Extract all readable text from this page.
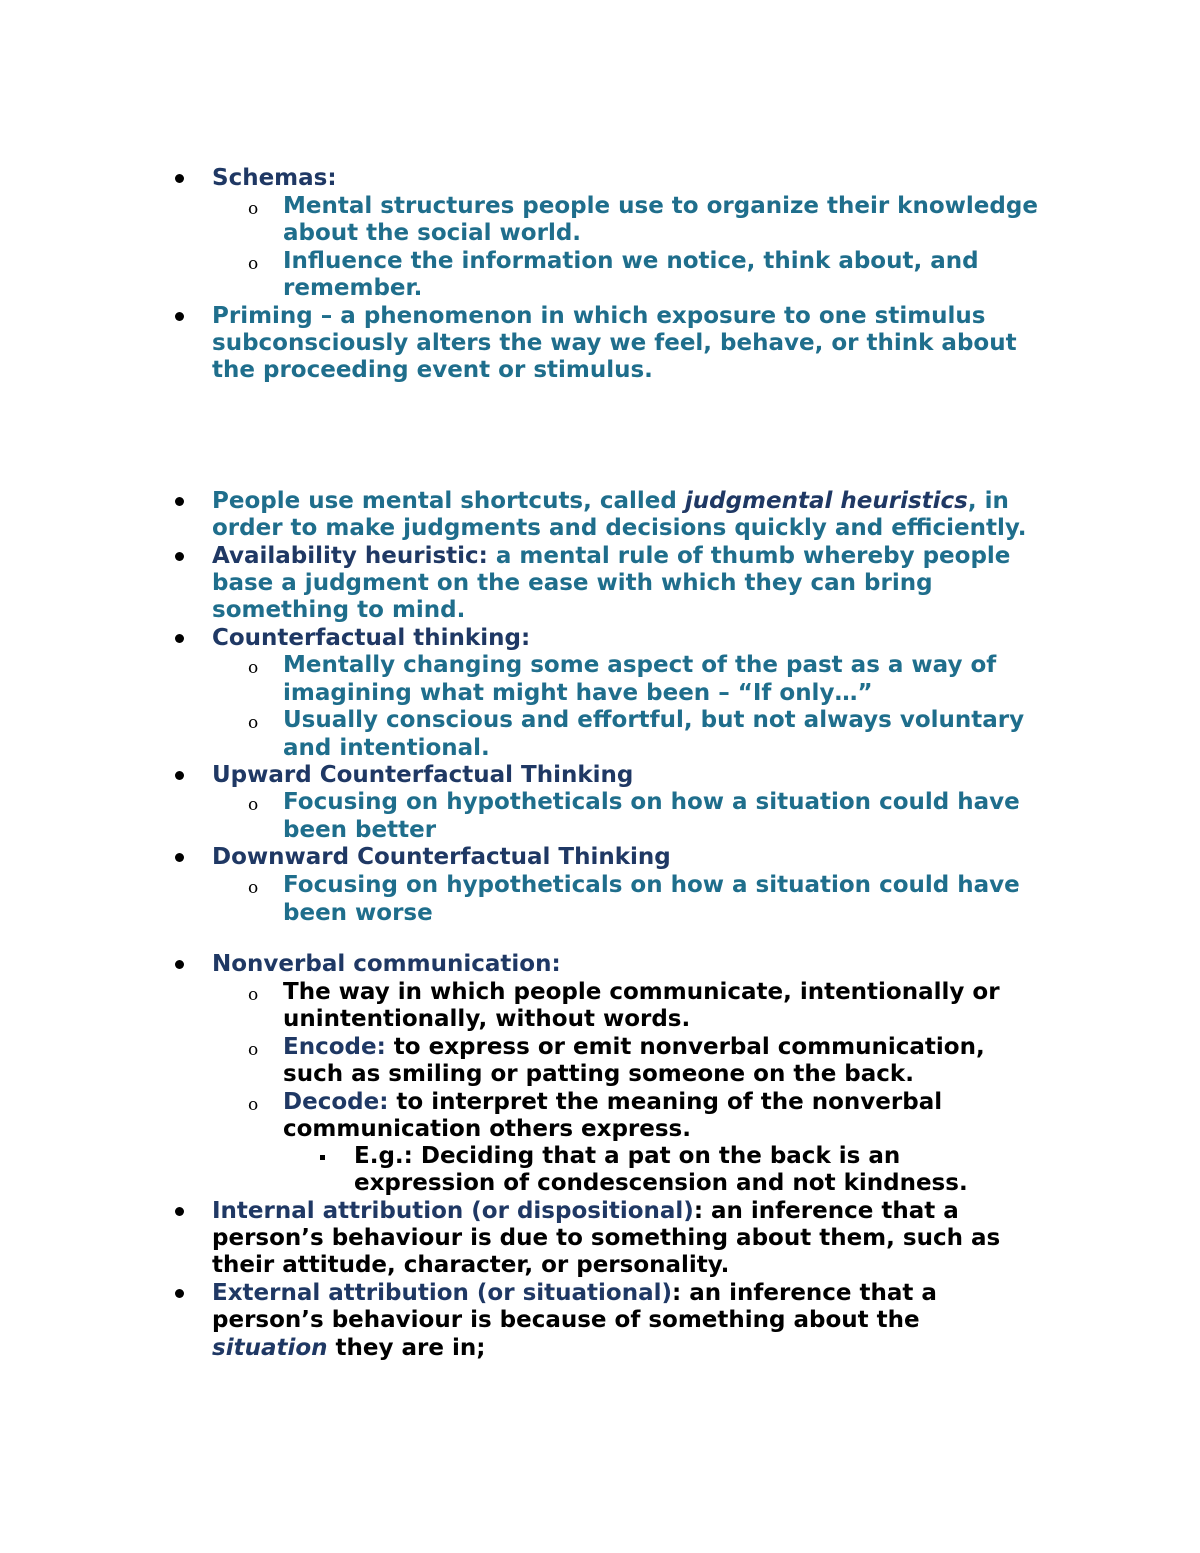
Schemas:
o Mental structures people use to organize their knowledge
about the social world.
o Influence the information we notice, think about, and
remember.
Priming – a phenomenon in which exposure to one stimulus
subconsciously alters the way we feel, behave, or think about
the proceeding event or stimulus.
People use mental shortcuts, called judgmental heuristics, in
order to make judgments and decisions quickly and efficiently.
Availability heuristic: a mental rule of thumb whereby people
base a judgment on the ease with which they can bring
something to mind.
Counterfactual thinking:
o Mentally changing some aspect of the past as a way of
imagining what might have been – “If only…”
o Usually conscious and effortful, but not always voluntary
and intentional.
Upward Counterfactual Thinking
o Focusing on hypotheticals on how a situation could have
been better
Downward Counterfactual Thinking
o Focusing on hypotheticals on how a situation could have
been worse
Nonverbal communication:
o The way in which people communicate, intentionally or
unintentionally, without words.
o Encode: to express or emit nonverbal communication,
such as smiling or patting someone on the back.
o Decode: to interpret the meaning of the nonverbal
communication others express.
E.g.: Deciding that a pat on the back is an
expression of condescension and not kindness.
Internal attribution (or dispositional): an inference that a
person’s behaviour is due to something about them, such as
their attitude, character, or personality.
External attribution (or situational): an inference that a
person’s behaviour is because of something about the
situation they are in;
